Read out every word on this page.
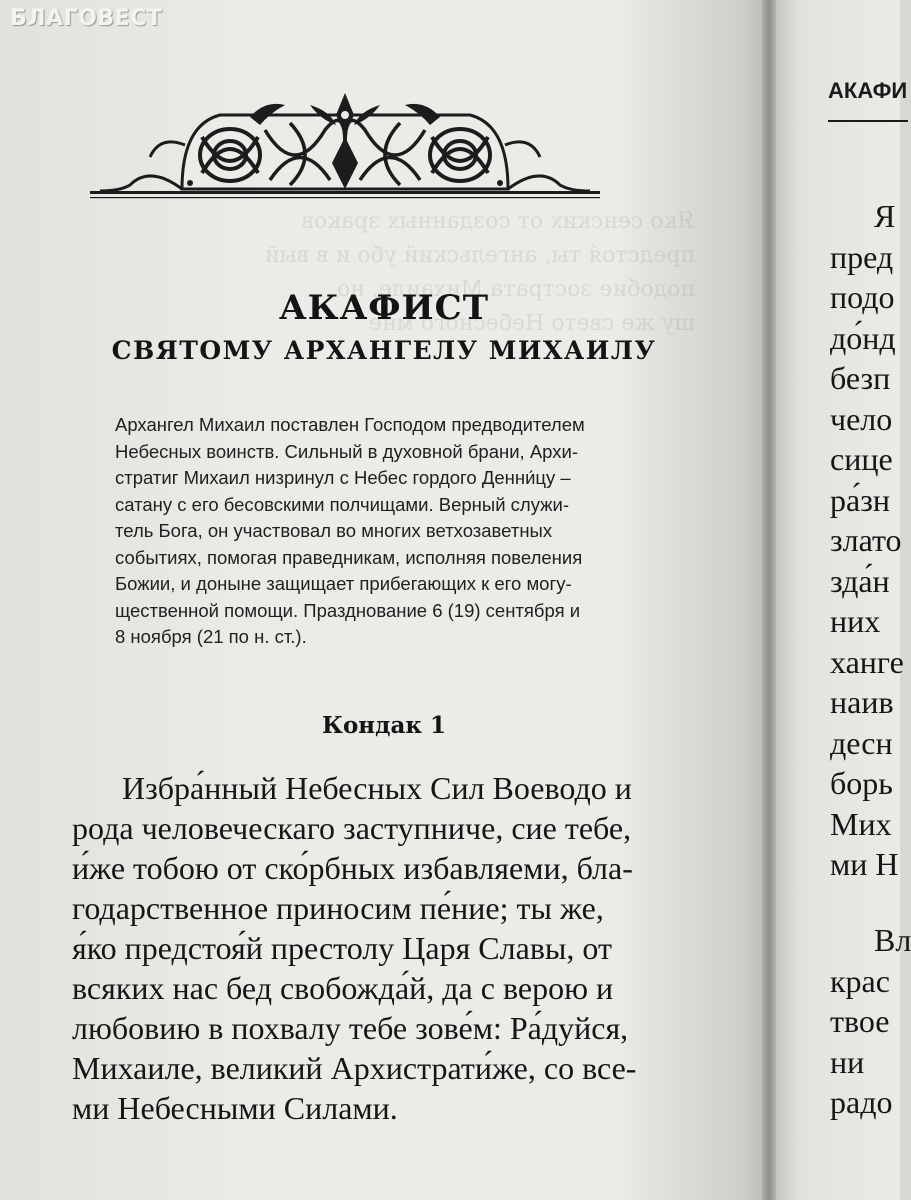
БЛАГОВЕСТ
Яко сенских от созданных зраков
предстоя́ ты, ангельский убо и в вый
подобие зострата Михаиле, но
шу же свето Небесного мне
АКАФИСТ
СВЯТОМУ АРХАНГЕЛУ МИХАИЛУ
Архангел Михаил поставлен Господом предводителем
Небесных воинств. Сильный в духовной брани, Архи-
стратиг Михаил низринул с Небес гордого Денни́цу –
сатану с его бесовскими полчищами. Верный служи-
тель Бога, он участвовал во многих ветхозаветных
событиях, помогая праведникам, исполняя повеления
Божии, и доныне защищает прибегающих к его могу-
щественной помощи. Празднование 6 (19) сентября и
8 ноября (21 по н. ст.).
Кондак 1
Избра́нный Небесных Сил Воеводо и
рода человеческаго заступниче, сие тебе,
и́же тобою от ско́рбных избавляеми, бла-
годарственное приносим пе́ние; ты же,
я́ко предстоя́й престолу Царя Славы, от
всяких нас бед свобожда́й, да с верою и
любовию в похвалу тебе зове́м: Ра́дуйся,
Михаиле, великий Архистрати́же, со все-
ми Небесными Силами.
АКАФИ
Я
пред
подо
до́нд
безп
чело
сице
ра́зн
злато
зда́н
них
ханге
наив
десн
борь
Мих
ми Н
Вл
крас
твое
ни
радо
